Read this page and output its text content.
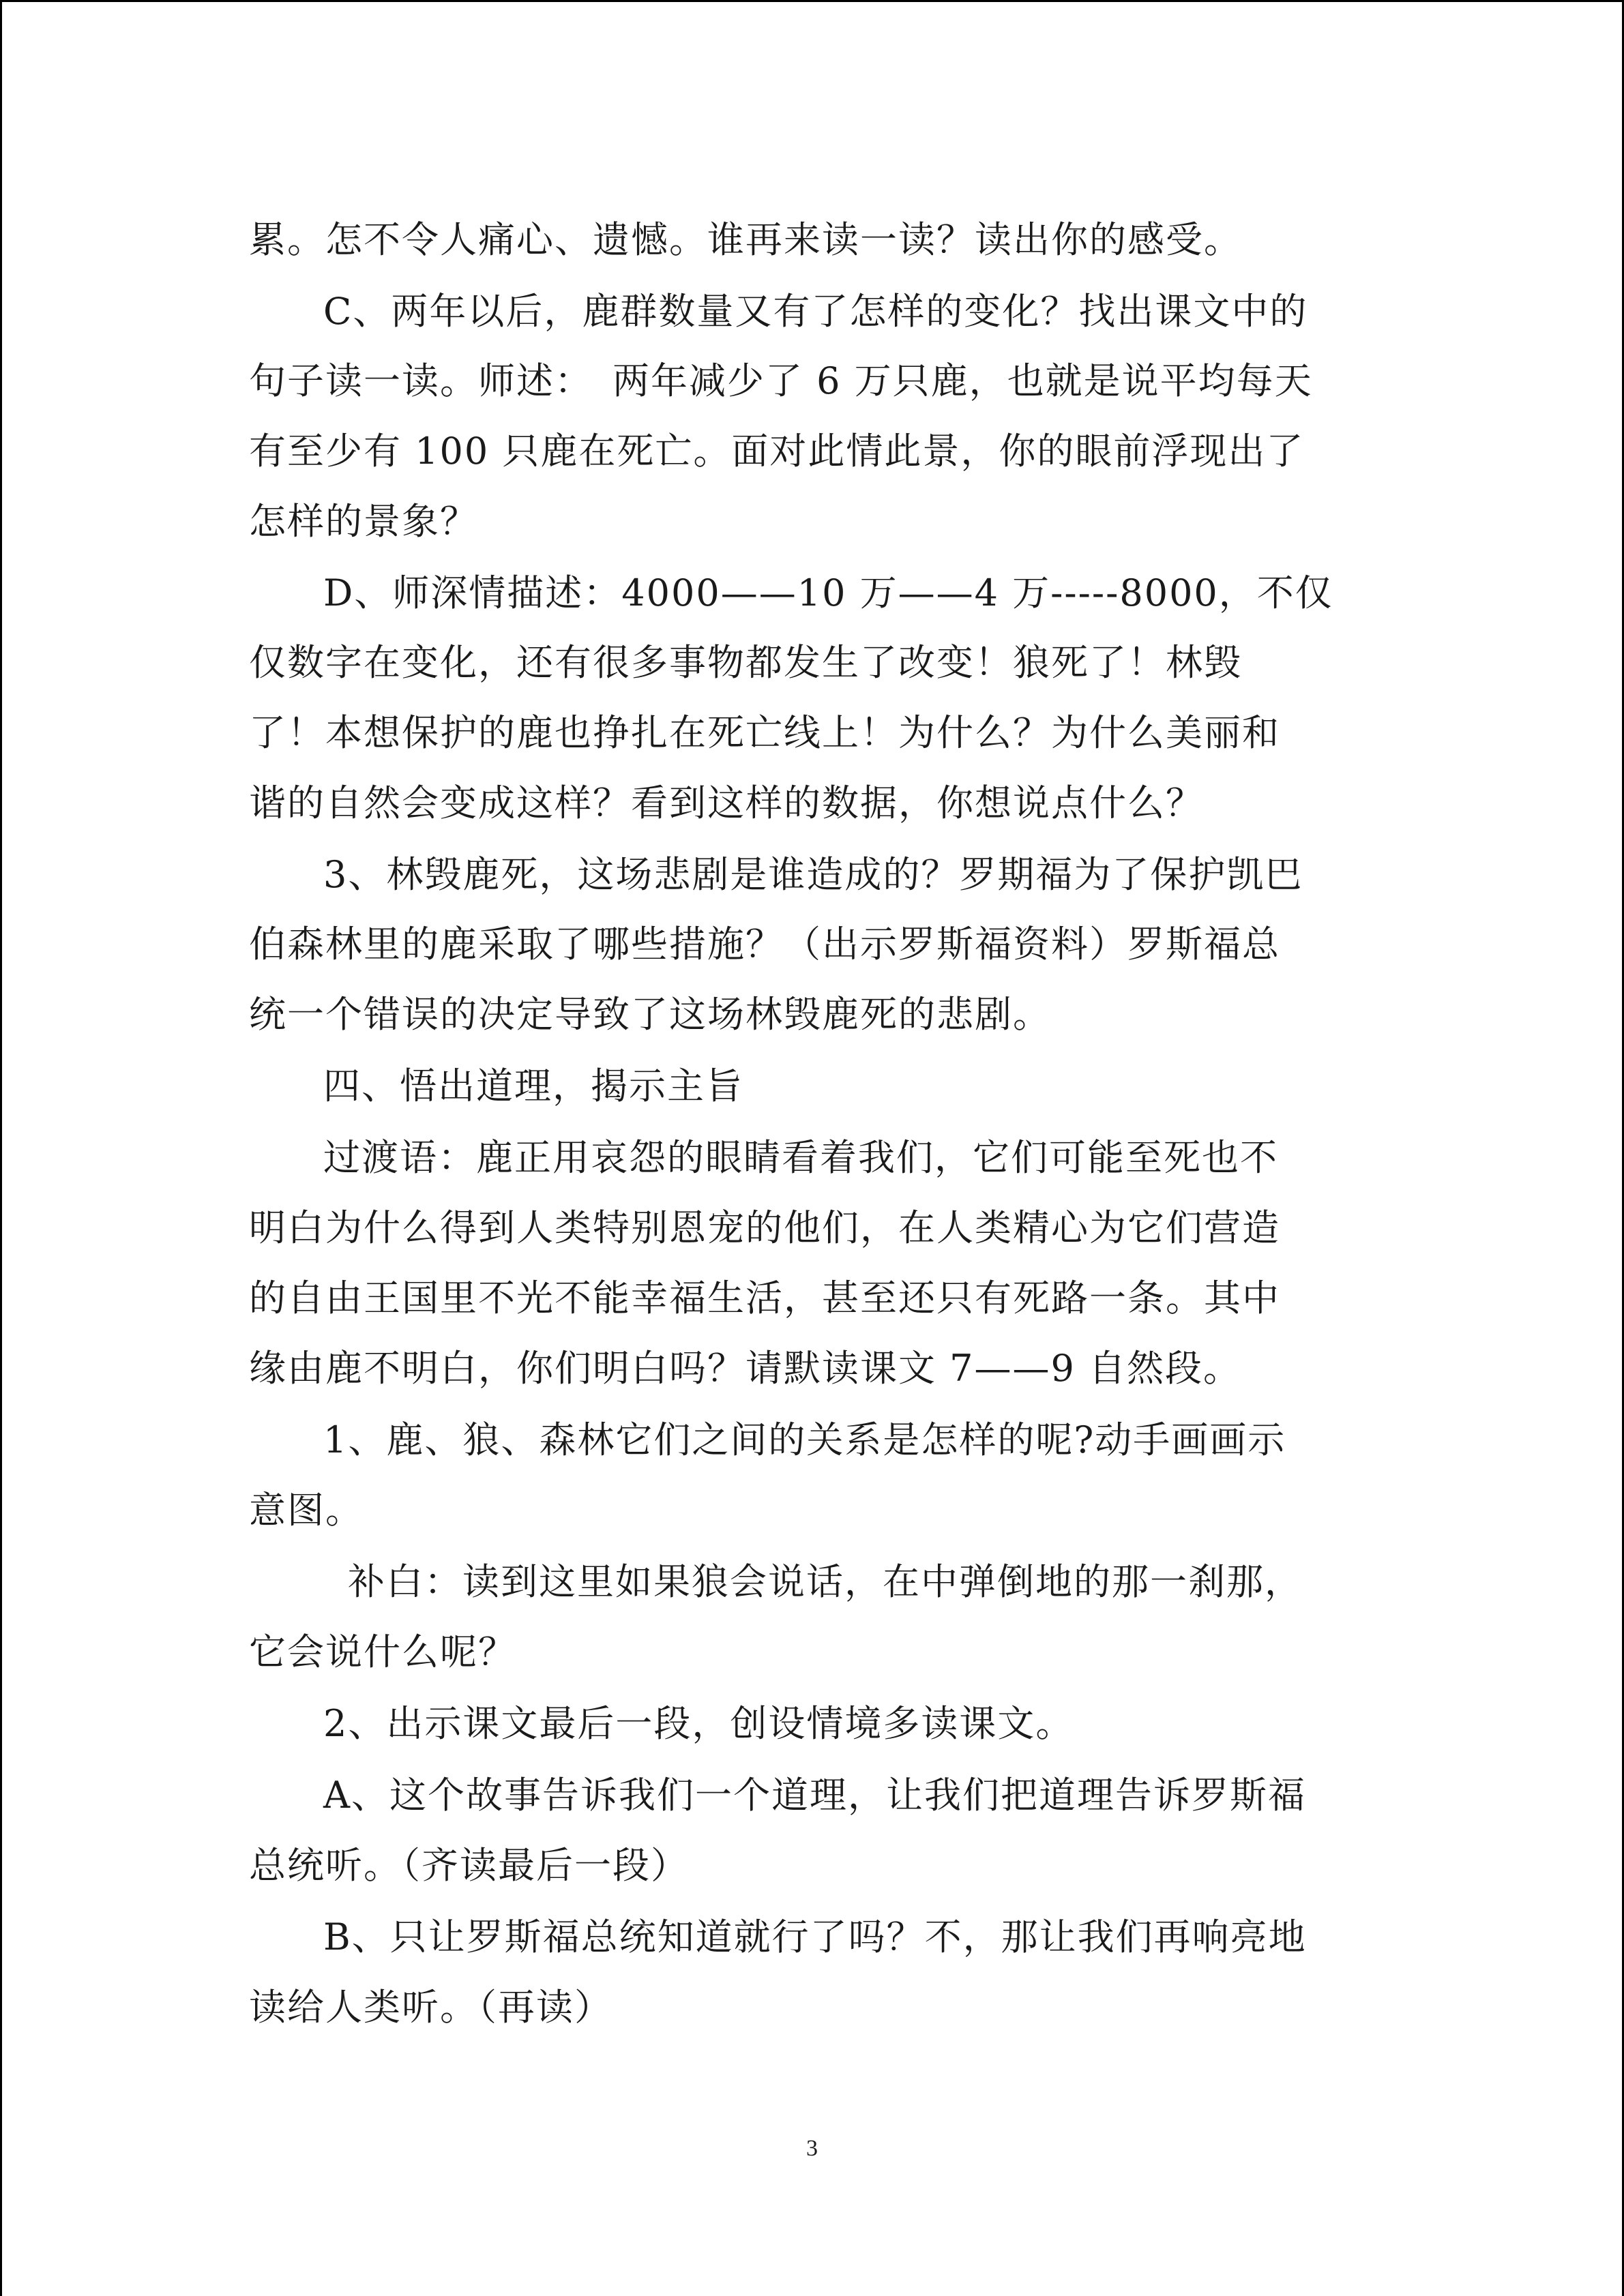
累。怎不令人痛心、遗憾。谁再来读一读？读出你的感受。
C、两年以后，鹿群数量又有了怎样的变化？找出课文中的
句子读一读。师述：　两年减少了 6 万只鹿，也就是说平均每天
有至少有 100 只鹿在死亡。面对此情此景，你的眼前浮现出了
怎样的景象？
D、师深情描述：4000——10 万——4 万-----8000，不仅
仅数字在变化，还有很多事物都发生了改变！狼死了！林毁
了！本想保护的鹿也挣扎在死亡线上！为什么？为什么美丽和
谐的自然会变成这样？看到这样的数据，你想说点什么？
3、林毁鹿死，这场悲剧是谁造成的？罗期福为了保护凯巴
伯森林里的鹿采取了哪些措施？（出示罗斯福资料）罗斯福总
统一个错误的决定导致了这场林毁鹿死的悲剧。
四、悟出道理，揭示主旨
过渡语：鹿正用哀怨的眼睛看着我们，它们可能至死也不
明白为什么得到人类特别恩宠的他们，在人类精心为它们营造
的自由王国里不光不能幸福生活，甚至还只有死路一条。其中
缘由鹿不明白，你们明白吗？请默读课文 7——9 自然段。
1、鹿、狼、森林它们之间的关系是怎样的呢?动手画画示
意图。
补白：读到这里如果狼会说话，在中弹倒地的那一刹那，
它会说什么呢？
2、出示课文最后一段，创设情境多读课文。
A、这个故事告诉我们一个道理，让我们把道理告诉罗斯福
总统听。（齐读最后一段）
B、只让罗斯福总统知道就行了吗？不，那让我们再响亮地
读给人类听。（再读）
3
